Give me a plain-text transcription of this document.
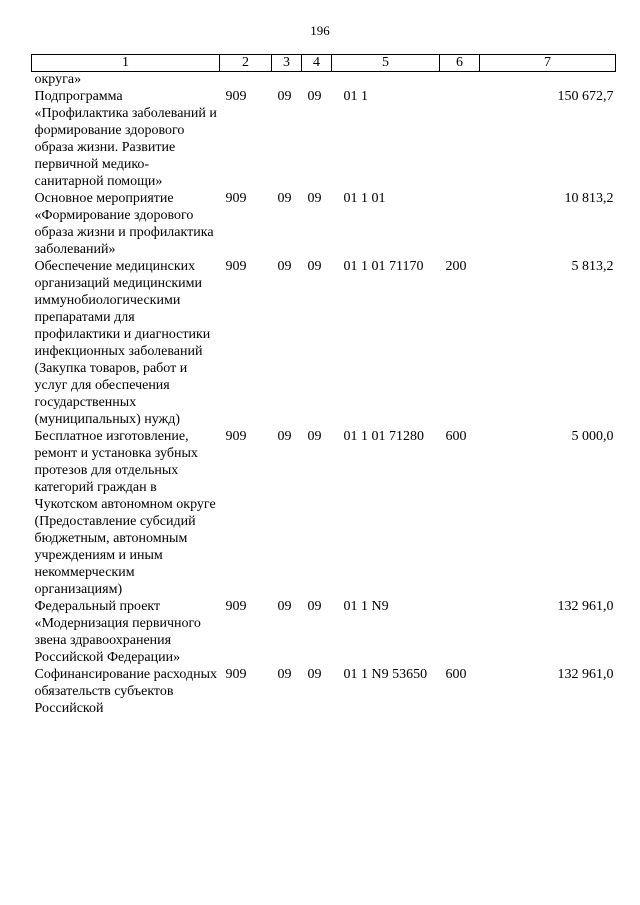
196
1	2	3	4	5	6	7
округа»						
Подпрограмма «Профилактика заболеваний и формирование здорового образа жизни. Развитие первичной медико-санитарной помощи»	909	09	09	01 1		150 672,7
Основное мероприятие «Формирование здорового образа жизни и профилактика заболеваний»	909	09	09	01 1 01		10 813,2
Обеспечение медицинских организаций медицинскими иммунобиологическими препаратами для профилактики и диагностики инфекционных заболеваний (Закупка товаров, работ и услуг для обеспечения государственных (муниципальных) нужд)	909	09	09	01 1 01 71170	200	5 813,2
Бесплатное изготовление, ремонт и установка зубных протезов для отдельных категорий граждан в Чукотском автономном округе (Предоставление субсидий бюджетным, автономным учреждениям и иным некоммерческим организациям)	909	09	09	01 1 01 71280	600	5 000,0
Федеральный проект «Модернизация первичного звена здравоохранения Российской Федерации»	909	09	09	01 1 N9		132 961,0
Софинансирование расходных обязательств субъектов Российской	909	09	09	01 1 N9 53650	600	132 961,0
